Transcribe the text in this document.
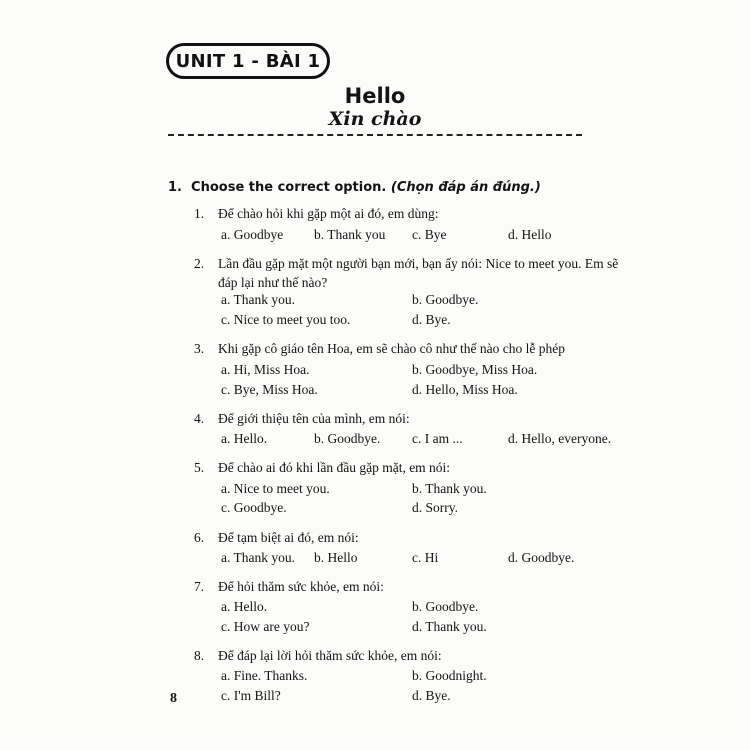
UNIT 1 - BÀI 1
Hello
Xin chào
1. Choose the correct option. (Chọn đáp án đúng.)
1. Để chào hỏi khi gặp một ai đó, em dùng:
a. Goodbye b. Thank you c. Bye	d. Hello
2. Lần đầu gặp mặt một người bạn mới, bạn ấy nói: Nice to meet you. Em sẽ đáp lại như thế nào?
a. Thank you.	b. Goodbye.
c. Nice to meet you too.	d. Bye.
3. Khi gặp cô giáo tên Hoa, em sẽ chào cô như thế nào cho lễ phép
a. Hi, Miss Hoa.	b. Goodbye, Miss Hoa.
c. Bye, Miss Hoa.	d. Hello, Miss Hoa.
4. Để giới thiệu tên của mình, em nói:
a. Hello.	b. Goodbye. c. I am ...	d. Hello, everyone.
5. Để chào ai đó khi lần đầu gặp mặt, em nói:
a. Nice to meet you.	b. Thank you.
c. Goodbye.	d. Sorry.
6. Để tạm biệt ai đó, em nói:
a. Thank you. b. Hello	c. Hi	d. Goodbye.
7. Để hỏi thăm sức khỏe, em nói:
a. Hello.	b. Goodbye.
c. How are you?	d. Thank you.
8. Để đáp lại lời hỏi thăm sức khỏe, em nói:
a. Fine. Thanks.	b. Goodnight.
c. I'm Bill?	d. Bye.
8
